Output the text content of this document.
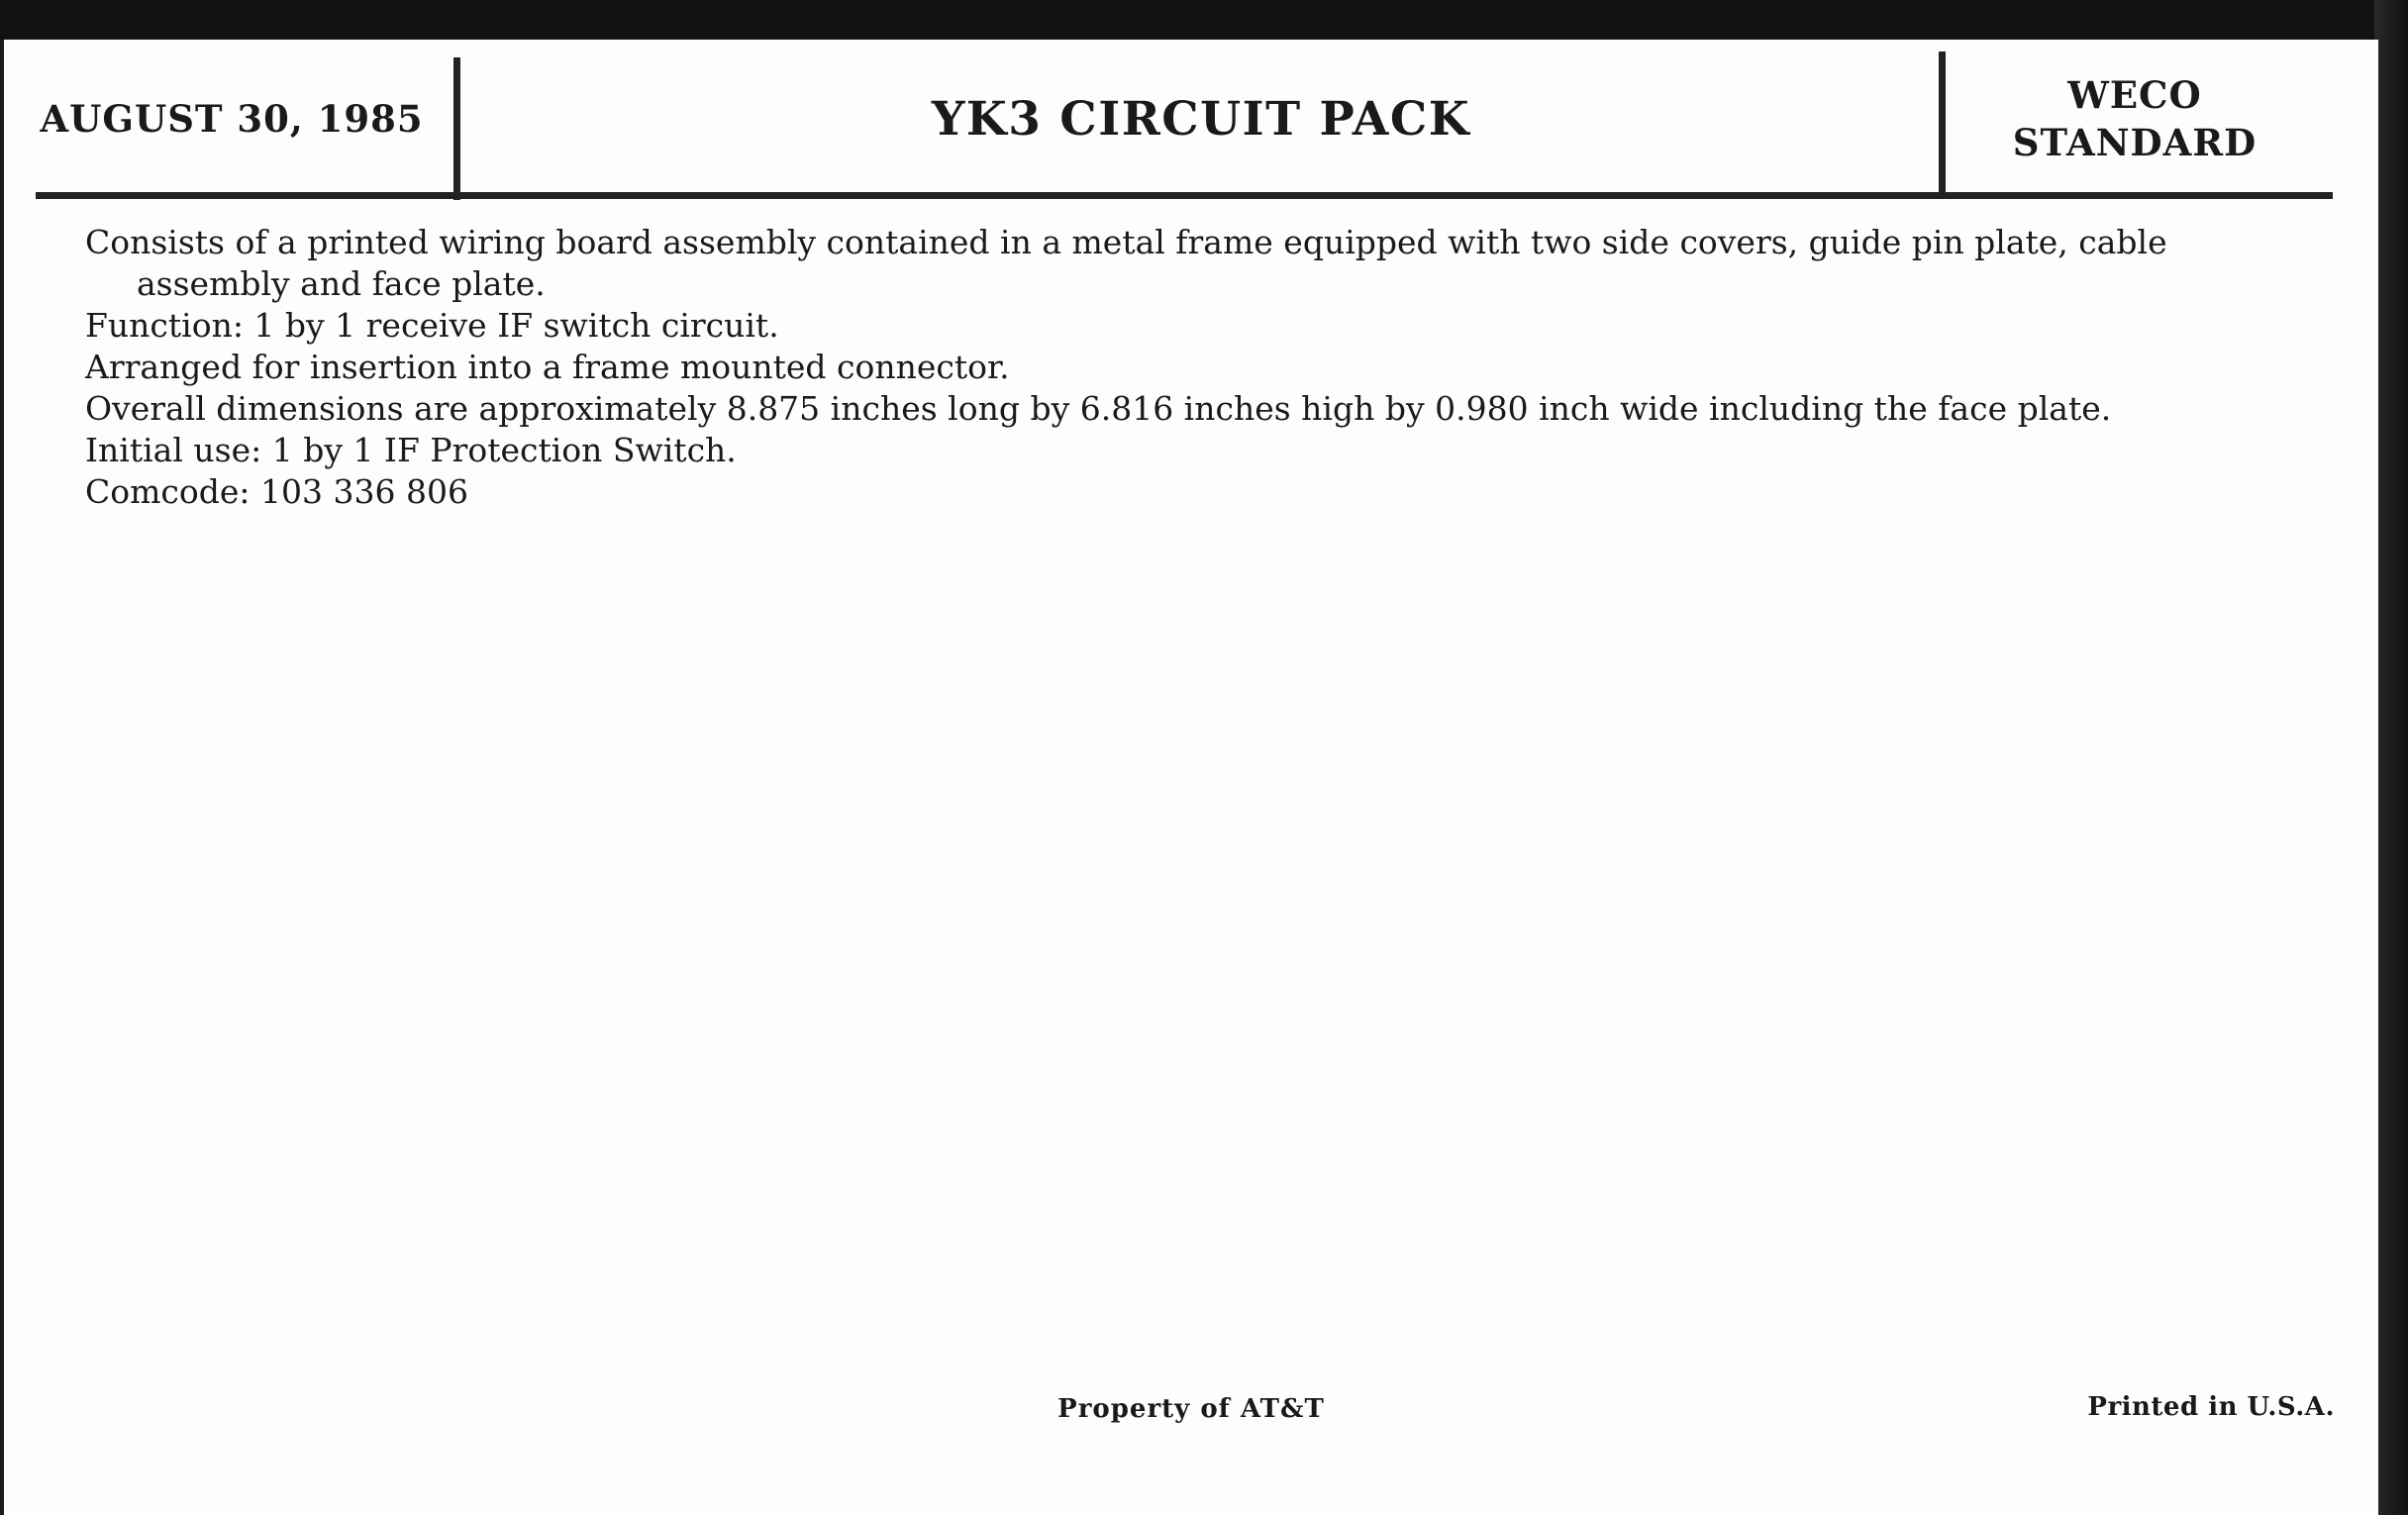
AUGUST 30, 1985	YK3 CIRCUIT PACK	WECO
STANDARD

Consists of a printed wiring board assembly contained in a metal frame equipped with two side covers, guide pin plate, cable assembly and face plate.

Function: 1 by 1 receive IF switch circuit.

Arranged for insertion into a frame mounted connector.

Overall dimensions are approximately 8.875 inches long by 6.816 inches high by 0.980 inch wide including the face plate.

Initial use: 1 by 1 IF Protection Switch.

Comcode: 103 336 806

Property of AT&T	Printed in U.S.A.
